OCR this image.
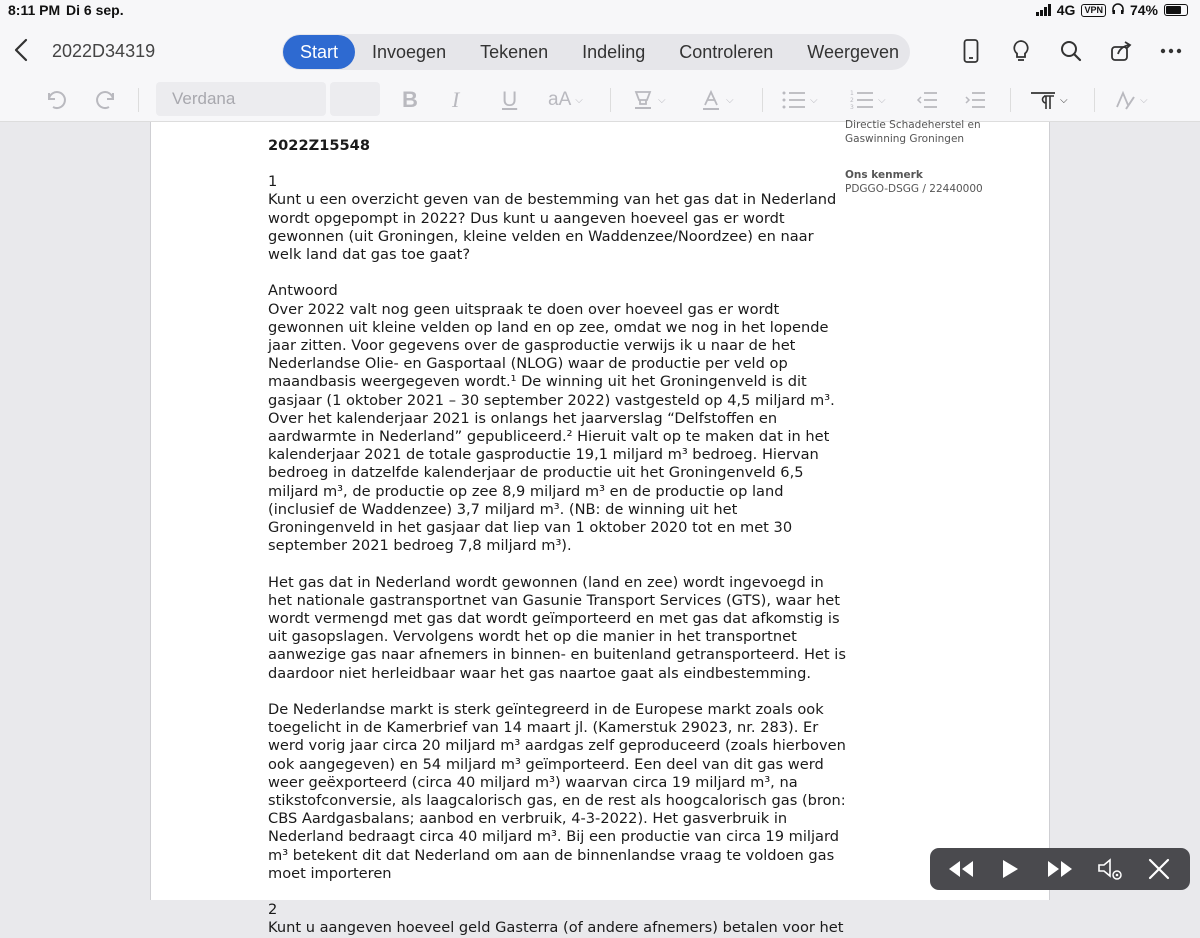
8:11 PM Di 6 sep.	4G	VPN 74%
2022D34319	Start	Invoegen	Tekenen	Indeling	Controleren	Weergeven
Verdana	B I U aA ⌵	⌵	⌵	⌵
1
2
3
⌵	⌵	⌵
Directie Schadeherstel en
Gaswinning Groningen
Ons kenmerk
PDGGO-DSGG / 22440000
2022Z15548
1

Kunt u een overzicht geven van de bestemming van het gas dat in Nederland wordt opgepompt in 2022? Dus kunt u aangeven hoeveel gas er wordt gewonnen (uit Groningen, kleine velden en Waddenzee/Noordzee) en naar welk land dat gas toe gaat?

Antwoord

Over 2022 valt nog geen uitspraak te doen over hoeveel gas er wordt gewonnen uit kleine velden op land en op zee, omdat we nog in het lopende jaar zitten. Voor gegevens over de gasproductie verwijs ik u naar de het Nederlandse Olie- en Gasportaal (NLOG) waar de productie per veld op maandbasis weergegeven wordt.¹ De winning uit het Groningenveld is dit gasjaar (1 oktober 2021 – 30 september 2022) vastgesteld op 4,5 miljard m³. Over het kalenderjaar 2021 is onlangs het jaarverslag “Delfstoffen en aardwarmte in Nederland” gepubliceerd.² Hieruit valt op te maken dat in het kalenderjaar 2021 de totale gasproductie 19,1 miljard m³ bedroeg. Hiervan bedroeg in datzelfde kalenderjaar de productie uit het Groningenveld 6,5 miljard m³, de productie op zee 8,9 miljard m³ en de productie op land (inclusief de Waddenzee) 3,7 miljard m³. (NB: de winning uit het Groningenveld in het gasjaar dat liep van 1 oktober 2020 tot en met 30 september 2021 bedroeg 7,8 miljard m³).

Het gas dat in Nederland wordt gewonnen (land en zee) wordt ingevoegd in het nationale gastransportnet van Gasunie Transport Services (GTS), waar het wordt vermengd met gas dat wordt geïmporteerd en met gas dat afkomstig is uit gasopslagen. Vervolgens wordt het op die manier in het transportnet aanwezige gas naar afnemers in binnen- en buitenland getransporteerd. Het is daardoor niet herleidbaar waar het gas naartoe gaat als eindbestemming.

De Nederlandse markt is sterk geïntegreerd in de Europese markt zoals ook toegelicht in de Kamerbrief van 14 maart jl. (Kamerstuk 29023, nr. 283). Er werd vorig jaar circa 20 miljard m³ aardgas zelf geproduceerd (zoals hierboven ook aangegeven) en 54 miljard m³ geïmporteerd. Een deel van dit gas werd weer geëxporteerd (circa 40 miljard m³) waarvan circa 19 miljard m³, na stikstofconversie, als laagcalorisch gas, en de rest als hoogcalorisch gas (bron: CBS Aardgasbalans; aanbod en verbruik, 4-3-2022). Het gasverbruik in Nederland bedraagt circa 40 miljard m³. Bij een productie van circa 19 miljard m³ betekent dit dat Nederland om aan de binnenlandse vraag te voldoen gas moet importeren

2
Kunt u aangeven hoeveel geld Gasterra (of andere afnemers) betalen voor het
